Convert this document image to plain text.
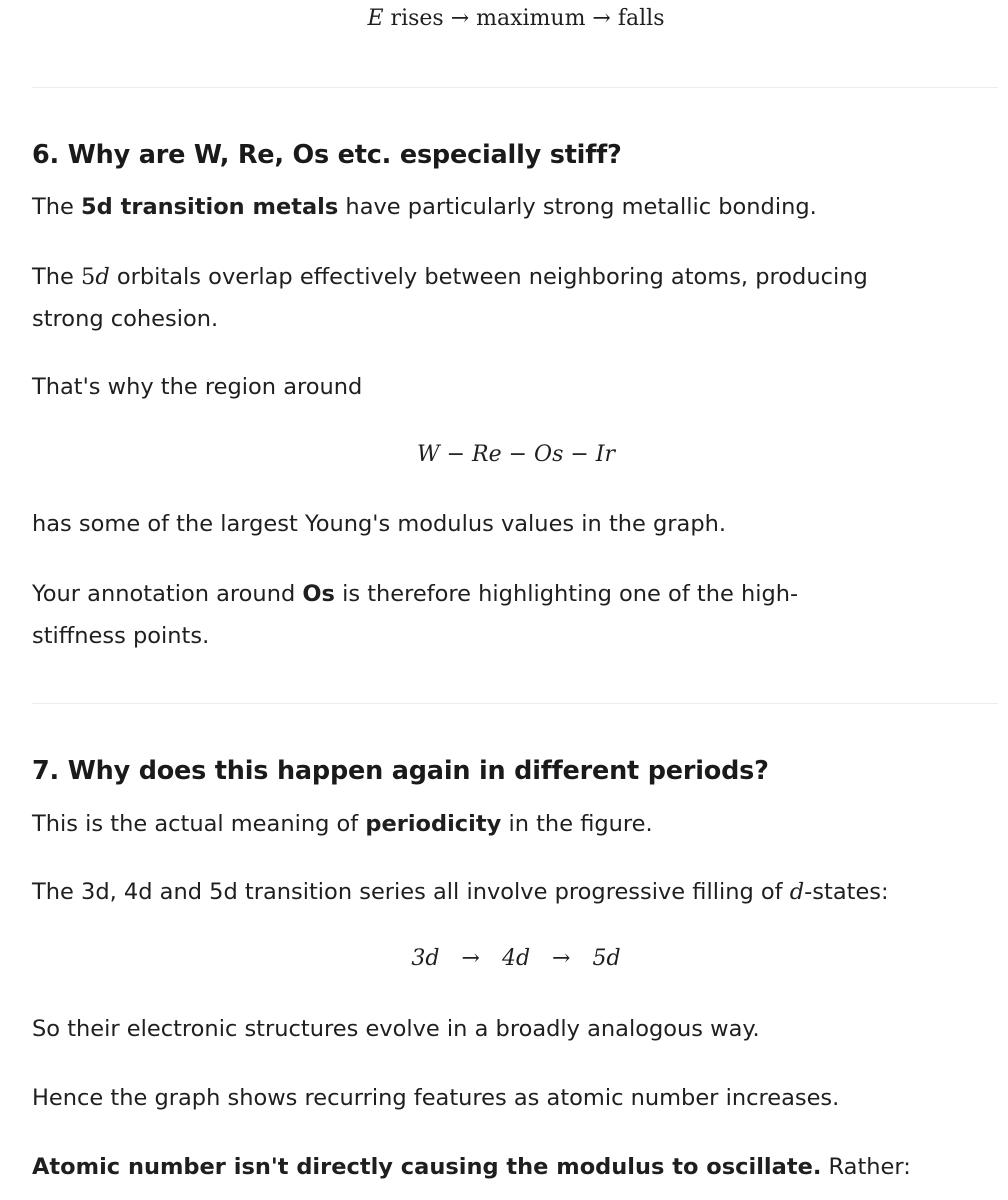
E rises → maximum → falls
6. Why are W, Re, Os etc. especially stiff?

The 5d transition metals have particularly strong metallic bonding.

The 5d orbitals overlap effectively between neighboring atoms, producing strong cohesion.

That's why the region around

W − Re − Os − Ir

has some of the largest Young's modulus values in the graph.

Your annotation around Os is therefore highlighting one of the high-stiffness points.

7. Why does this happen again in different periods?

This is the actual meaning of periodicity in the figure.

The 3d, 4d and 5d transition series all involve progressive filling of d-states:

3d → 4d → 5d

So their electronic structures evolve in a broadly analogous way.

Hence the graph shows recurring features as atomic number increases.

Atomic number isn't directly causing the modulus to oscillate. Rather:
